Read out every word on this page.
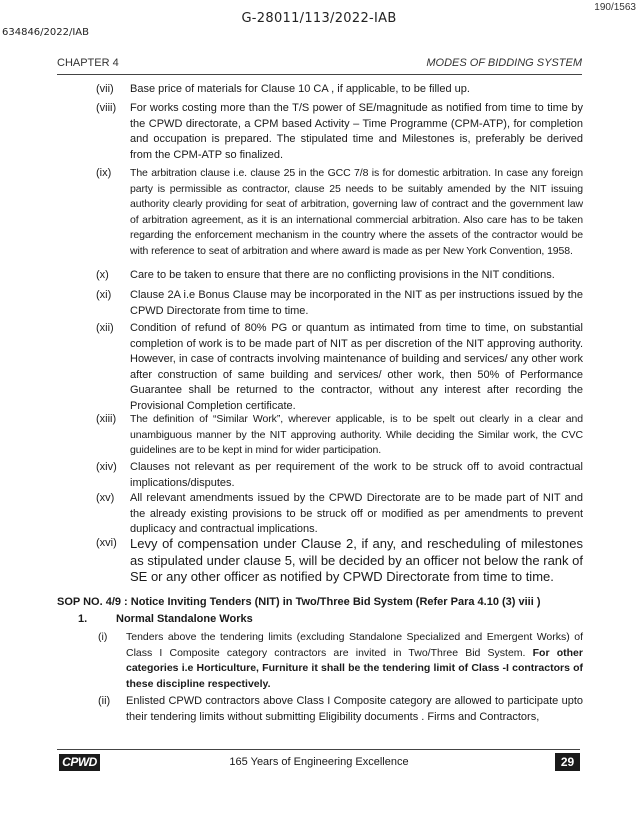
190/1563
G-28011/113/2022-IAB
634846/2022/IAB
CHAPTER 4	MODES OF BIDDING SYSTEM
(vii) Base price of materials for Clause 10 CA , if applicable, to be filled up.
(viii) For works costing more than the T/S power of SE/magnitude as notified from time to time by the CPWD directorate, a CPM based Activity – Time Programme (CPM-ATP), for completion and occupation is prepared. The stipulated time and Milestones is, preferably be derived from the CPM-ATP so finalized.
(ix) The arbitration clause i.e. clause 25 in the GCC 7/8 is for domestic arbitration. In case any foreign party is permissible as contractor, clause 25 needs to be suitably amended by the NIT issuing authority clearly providing for seat of arbitration, governing law of contract and the government law of arbitration agreement, as it is an international commercial arbitration. Also care has to be taken regarding the enforcement mechanism in the country where the assets of the contractor would be with reference to seat of arbitration and where award is made as per New York Convention, 1958.
(x) Care to be taken to ensure that there are no conflicting provisions in the NIT conditions.
(xi) Clause 2A i.e Bonus Clause may be incorporated in the NIT as per instructions issued by the CPWD Directorate from time to time.
(xii) Condition of refund of 80% PG or quantum as intimated from time to time, on substantial completion of work is to be made part of NIT as per discretion of the NIT approving authority. However, in case of contracts involving maintenance of building and services/ any other work after construction of same building and services/ other work, then 50% of Performance Guarantee shall be returned to the contractor, without any interest after recording the Provisional Completion certificate.
(xiii) The definition of “Similar Work”, wherever applicable, is to be spelt out clearly in a clear and unambiguous manner by the NIT approving authority. While deciding the Similar work, the CVC guidelines are to be kept in mind for wider participation.
(xiv) Clauses not relevant as per requirement of the work to be struck off to avoid contractual implications/disputes.
(xv) All relevant amendments issued by the CPWD Directorate are to be made part of NIT and the already existing provisions to be struck off or modified as per amendments to prevent duplicacy and contractual implications.
(xvi) Levy of compensation under Clause 2, if any, and rescheduling of milestones as stipulated under clause 5, will be decided by an officer not below the rank of SE or any other officer as notified by CPWD Directorate from time to time.
SOP NO. 4/9 : Notice Inviting Tenders (NIT) in Two/Three Bid System (Refer Para 4.10 (3) viii )
1.	Normal Standalone Works
(i) Tenders above the tendering limits (excluding Standalone Specialized and Emergent Works) of Class I Composite category contractors are invited in Two/Three Bid System. For other categories i.e Horticulture, Furniture it shall be the tendering limit of Class -I contractors of these discipline respectively.
(ii) Enlisted CPWD contractors above Class I Composite category are allowed to participate upto their tendering limits without submitting Eligibility documents . Firms and Contractors,
CPWD	165 Years of Engineering Excellence	29
